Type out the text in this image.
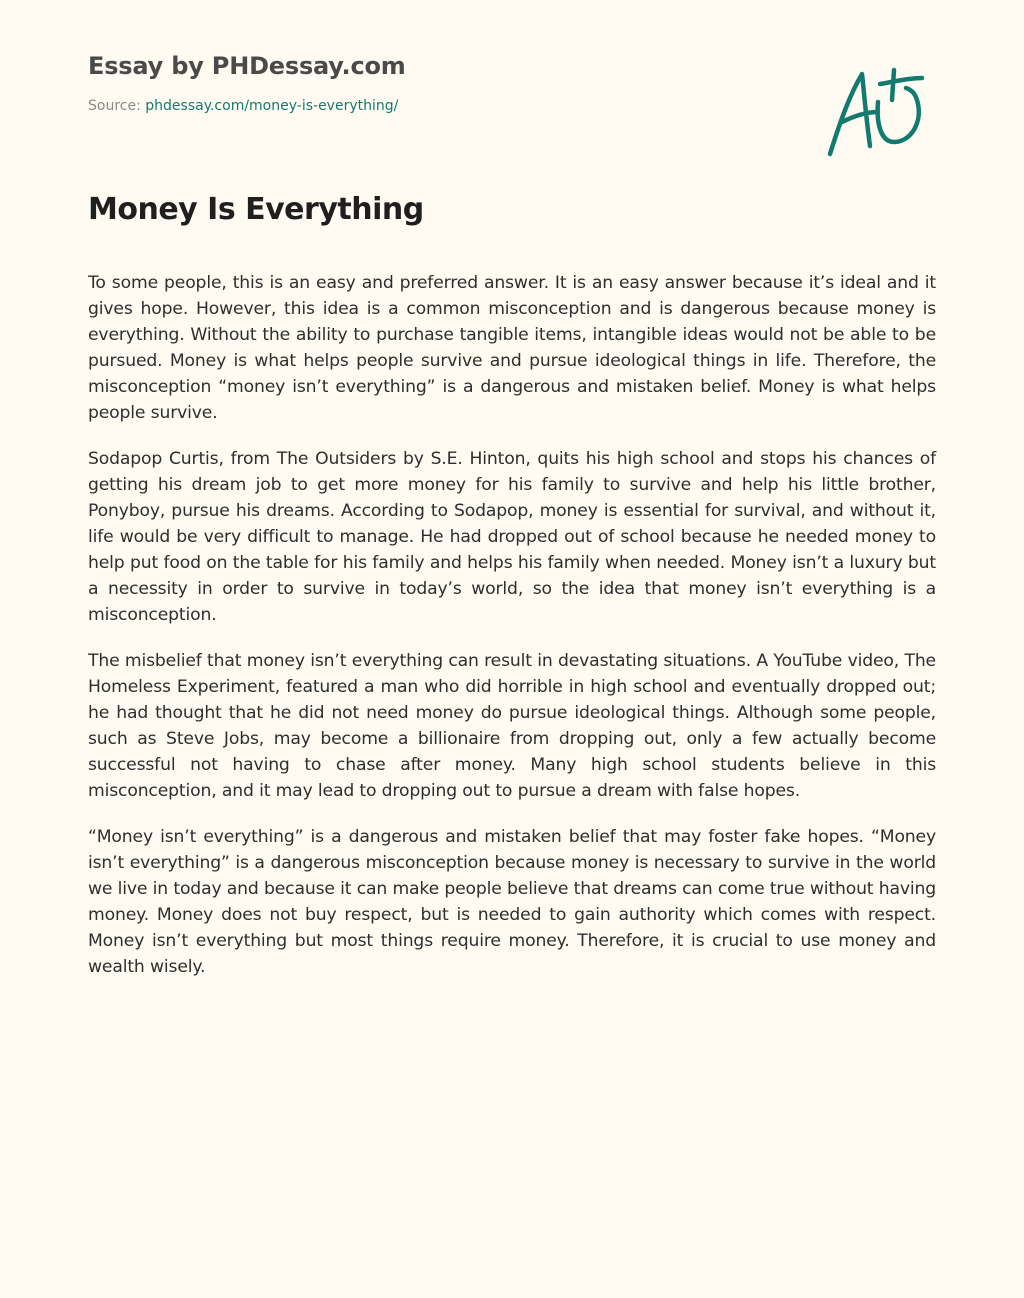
Essay by PHDessay.com
Source: phdessay.com/money-is-everything/
Money Is Everything

To some people, this is an easy and preferred answer. It is an easy answer because it’s ideal and it gives hope. However, this idea is a common misconception and is dangerous because money is everything. Without the ability to purchase tangible items, intangible ideas would not be able to be pursued. Money is what helps people survive and pursue ideological things in life. Therefore, the misconception “money isn’t everything” is a dangerous and mistaken belief. Money is what helps people survive.

Sodapop Curtis, from The Outsiders by S.E. Hinton, quits his high school and stops his chances of getting his dream job to get more money for his family to survive and help his little brother, Ponyboy, pursue his dreams. According to Sodapop, money is essential for survival, and without it, life would be very difficult to manage. He had dropped out of school because he needed money to help put food on the table for his family and helps his family when needed. Money isn’t a luxury but a necessity in order to survive in today’s world, so the idea that money isn’t everything is a misconception.

The misbelief that money isn’t everything can result in devastating situations. A YouTube video, The Homeless Experiment, featured a man who did horrible in high school and eventually dropped out; he had thought that he did not need money do pursue ideological things. Although some people, such as Steve Jobs, may become a billionaire from dropping out, only a few actually become successful not having to chase after money. Many high school students believe in this misconception, and it may lead to dropping out to pursue a dream with false hopes.

“Money isn’t everything” is a dangerous and mistaken belief that may foster fake hopes. “Money isn’t everything” is a dangerous misconception because money is necessary to survive in the world we live in today and because it can make people believe that dreams can come true without having money. Money does not buy respect, but is needed to gain authority which comes with respect. Money isn’t everything but most things require money. Therefore, it is crucial to use money and wealth wisely.
